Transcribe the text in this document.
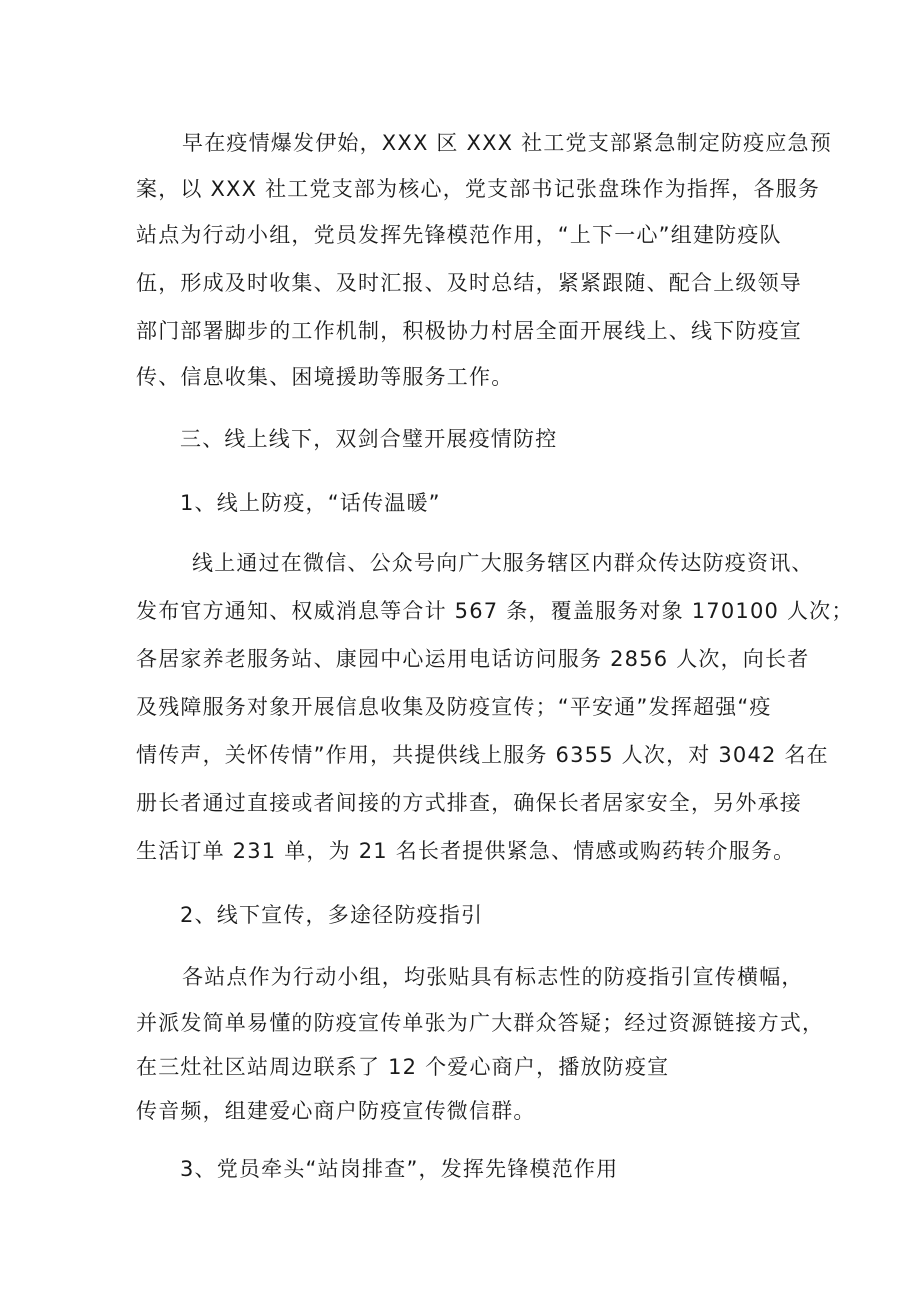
早在疫情爆发伊始，XXX 区 XXX 社工党支部紧急制定防疫应急预
案，以 XXX 社工党支部为核心，党支部书记张盘珠作为指挥，各服务
站点为行动小组，党员发挥先锋模范作用，“上下一心”组建防疫队
伍，形成及时收集、及时汇报、及时总结，紧紧跟随、配合上级领导
部门部署脚步的工作机制，积极协力村居全面开展线上、线下防疫宣
传、信息收集、困境援助等服务工作。
三、线上线下，双剑合璧开展疫情防控
1、线上防疫，“话传温暖”
线上通过在微信、公众号向广大服务辖区内群众传达防疫资讯、
发布官方通知、权威消息等合计 567 条，覆盖服务对象 170100 人次；
各居家养老服务站、康园中心运用电话访问服务 2856 人次，向长者
及残障服务对象开展信息收集及防疫宣传；“平安通”发挥超强“疫
情传声，关怀传情”作用，共提供线上服务 6355 人次，对 3042 名在
册长者通过直接或者间接的方式排查，确保长者居家安全，另外承接
生活订单 231 单，为 21 名长者提供紧急、情感或购药转介服务。
2、线下宣传，多途径防疫指引
各站点作为行动小组，均张贴具有标志性的防疫指引宣传横幅，
并派发简单易懂的防疫宣传单张为广大群众答疑；经过资源链接方式，
在三灶社区站周边联系了 12 个爱心商户，播放防疫宣
传音频，组建爱心商户防疫宣传微信群。
3、党员牵头“站岗排查”，发挥先锋模范作用
